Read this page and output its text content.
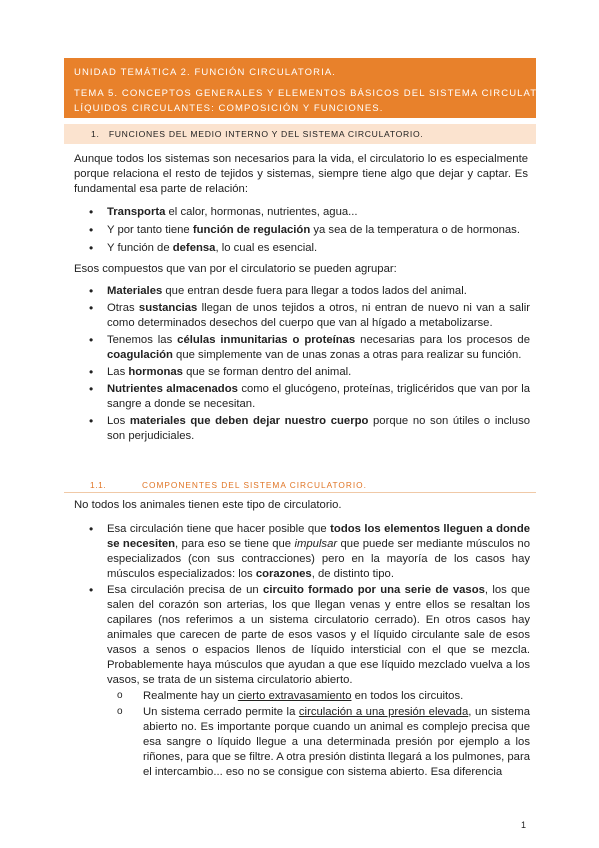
UNIDAD TEMÁTICA 2. FUNCIÓN CIRCULATORIA.
TEMA 5. CONCEPTOS GENERALES Y ELEMENTOS BÁSICOS DEL SISTEMA CIRCULATORIO.
LÍQUIDOS CIRCULANTES: COMPOSICIÓN Y FUNCIONES.
1.   FUNCIONES DEL MEDIO INTERNO Y DEL SISTEMA CIRCULATORIO.

Aunque todos los sistemas son necesarios para la vida, el circulatorio lo es especialmente porque relaciona el resto de tejidos y sistemas, siempre tiene algo que dejar y captar. Es fundamental esa parte de relación:

• Transporta el calor, hormonas, nutrientes, agua...
• Y por tanto tiene función de regulación ya sea de la temperatura o de hormonas.
• Y función de defensa, lo cual es esencial.

Esos compuestos que van por el circulatorio se pueden agrupar:

• Materiales que entran desde fuera para llegar a todos lados del animal.
• Otras sustancias llegan de unos tejidos a otros, ni entran de nuevo ni van a salir como determinados desechos del cuerpo que van al hígado a metabolizarse.
• Tenemos las células inmunitarias o proteínas necesarias para los procesos de coagulación que simplemente van de unas zonas a otras para realizar su función.
• Las hormonas que se forman dentro del animal.
• Nutrientes almacenados como el glucógeno, proteínas, triglicéridos que van por la sangre a donde se necesitan.
• Los materiales que deben dejar nuestro cuerpo porque no son útiles o incluso son perjudiciales.
1.1.	COMPONENTES DEL SISTEMA CIRCULATORIO.

No todos los animales tienen este tipo de circulatorio.

• Esa circulación tiene que hacer posible que todos los elementos lleguen a donde se necesiten, para eso se tiene que impulsar que puede ser mediante músculos no especializados (con sus contracciones) pero en la mayoría de los casos hay músculos especializados: los corazones, de distinto tipo.
• Esa circulación precisa de un circuito formado por una serie de vasos, los que salen del corazón son arterias, los que llegan venas y entre ellos se resaltan los capilares (nos referimos a un sistema circulatorio cerrado). En otros casos hay animales que carecen de parte de esos vasos y el líquido circulante sale de esos vasos a senos o espacios llenos de líquido intersticial con el que se mezcla. Probablemente haya músculos que ayudan a que ese líquido mezclado vuelva a los vasos, se trata de un sistema circulatorio abierto.
o Realmente hay un cierto extravasamiento en todos los circuitos.
o Un sistema cerrado permite la circulación a una presión elevada, un sistema abierto no. Es importante porque cuando un animal es complejo precisa que esa sangre o líquido llegue a una determinada presión por ejemplo a los riñones, para que se filtre. A otra presión distinta llegará a los pulmones, para el intercambio... eso no se consigue con sistema abierto. Esa diferencia
1
